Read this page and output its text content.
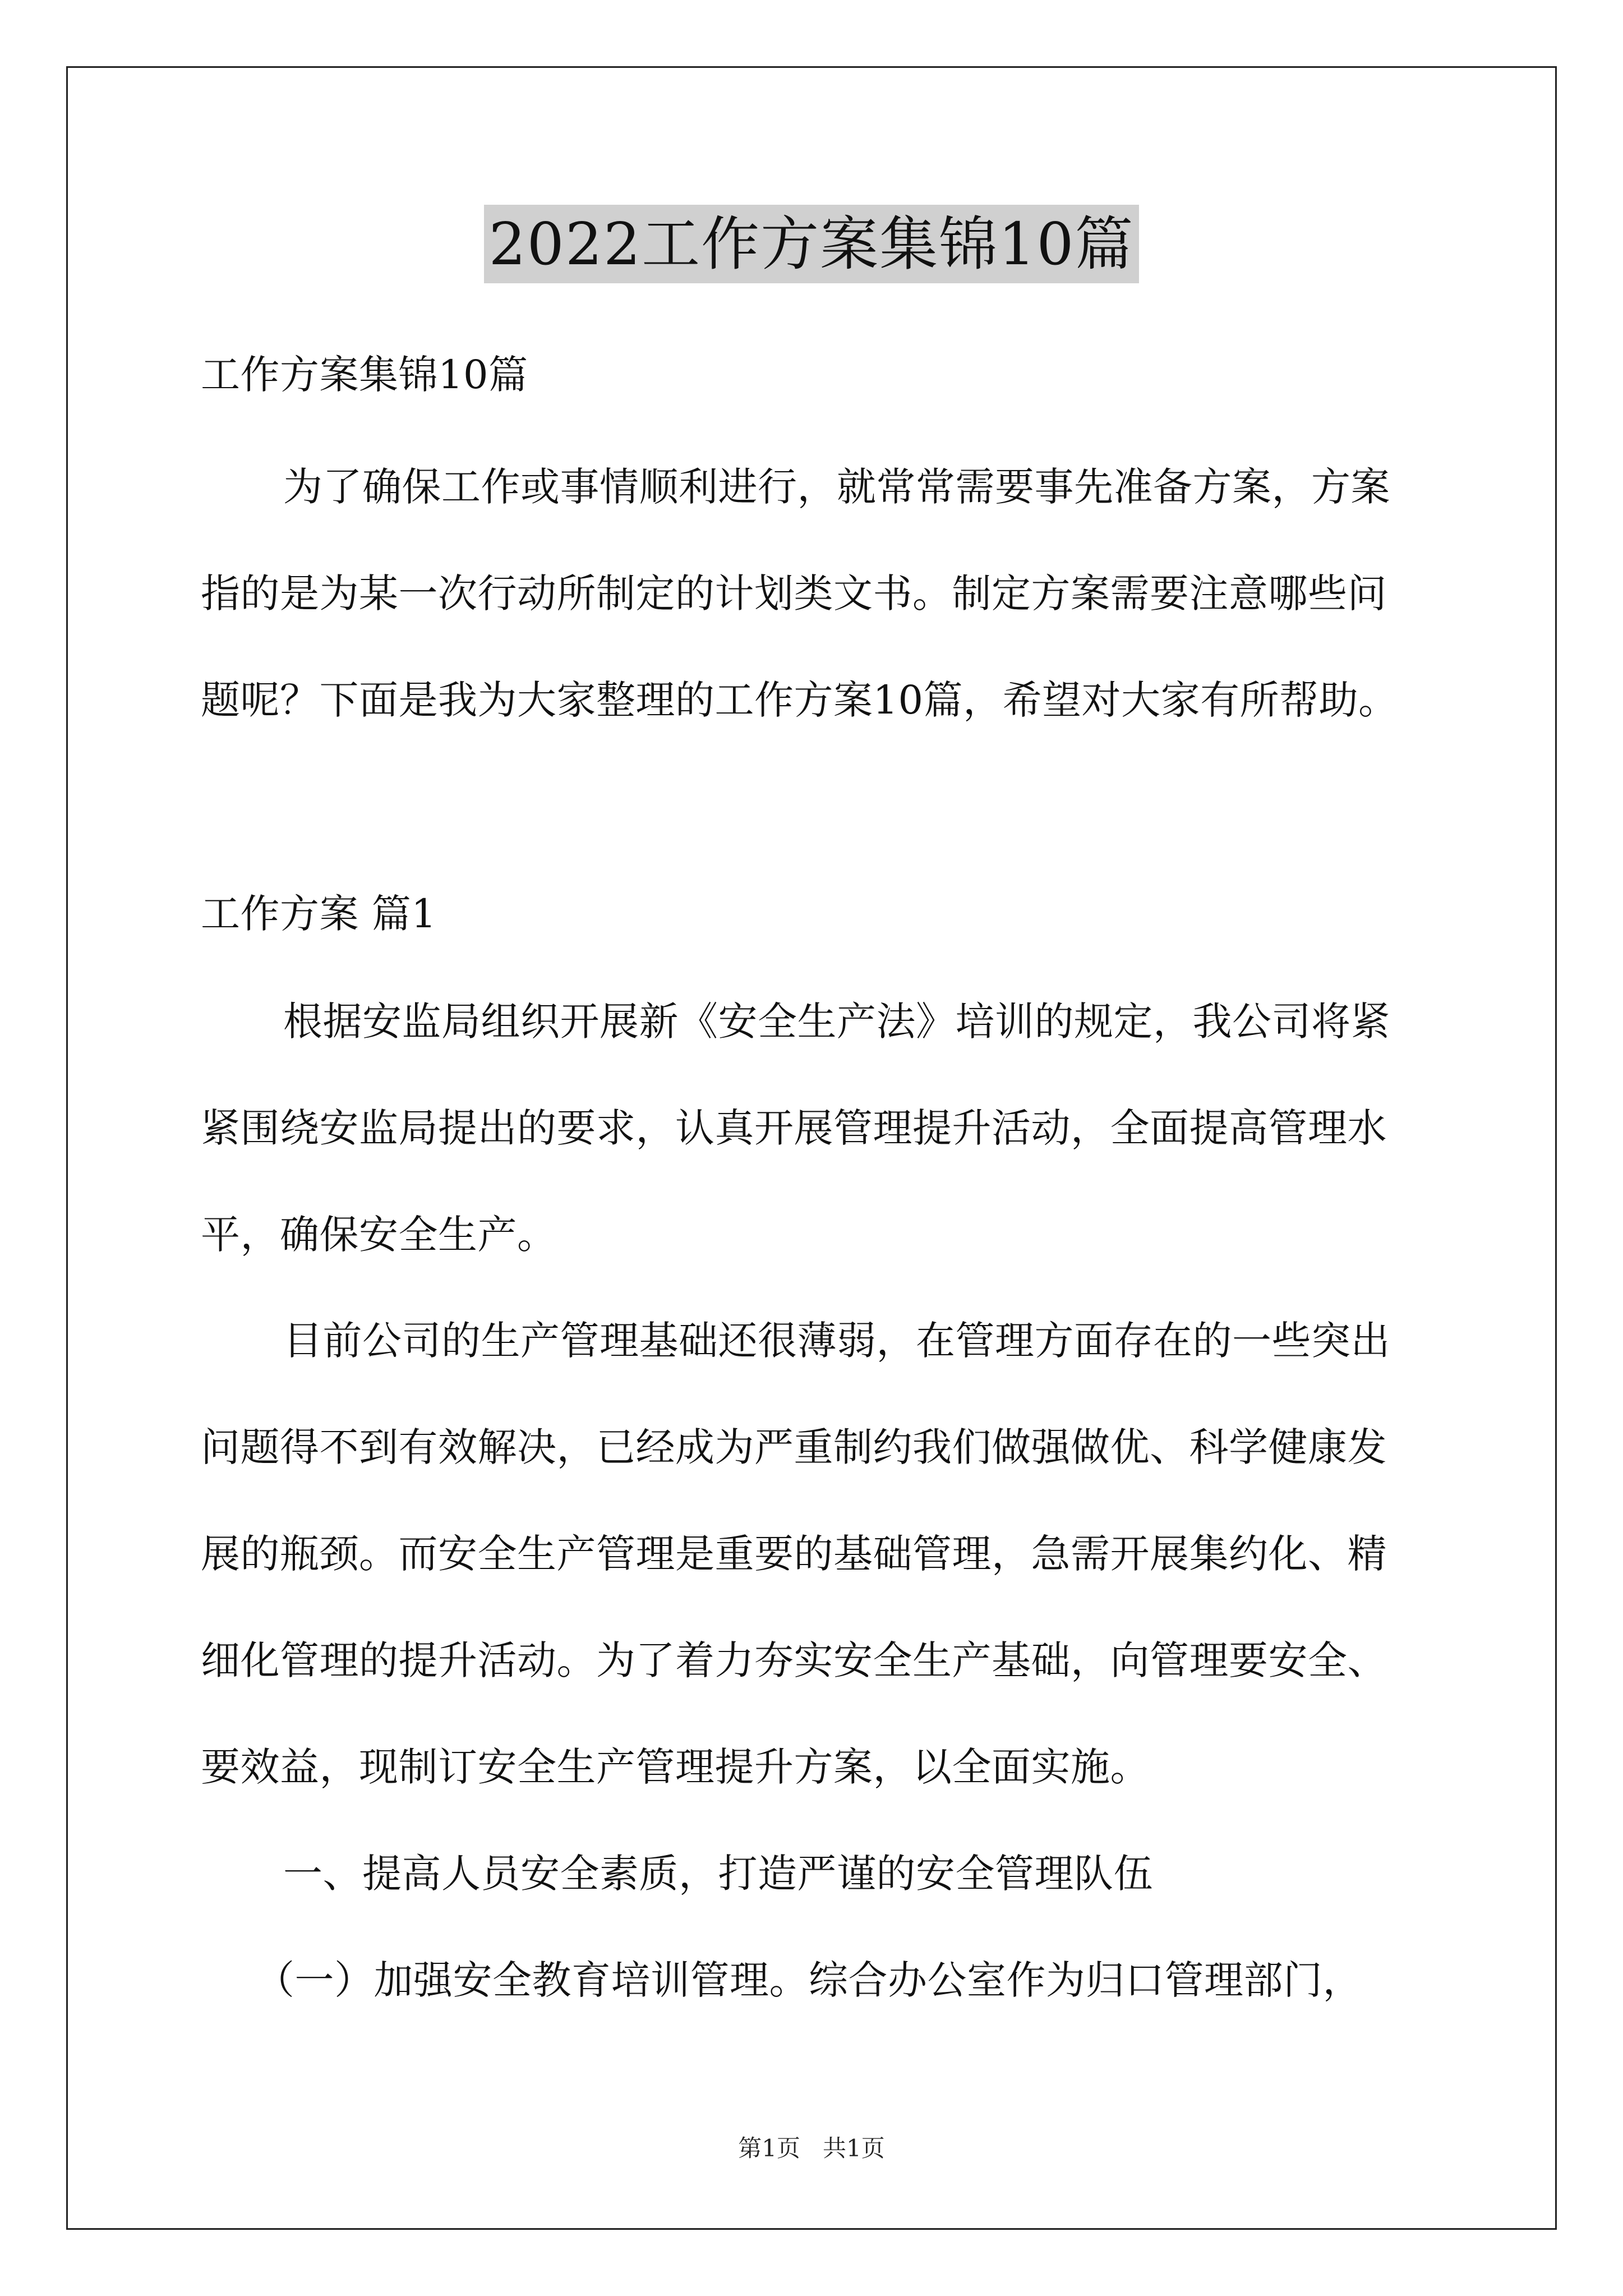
2022工作方案集锦10篇
工作方案集锦10篇
为了确保工作或事情顺利进行，就常常需要事先准备方案，方案
指的是为某一次行动所制定的计划类文书。制定方案需要注意哪些问
题呢？下面是我为大家整理的工作方案10篇，希望对大家有所帮助。
工作方案 篇1
根据安监局组织开展新《安全生产法》培训的规定，我公司将紧
紧围绕安监局提出的要求，认真开展管理提升活动，全面提高管理水
平，确保安全生产。
目前公司的生产管理基础还很薄弱，在管理方面存在的一些突出
问题得不到有效解决，已经成为严重制约我们做强做优、科学健康发
展的瓶颈。而安全生产管理是重要的基础管理，急需开展集约化、精
细化管理的提升活动。为了着力夯实安全生产基础，向管理要安全、
要效益，现制订安全生产管理提升方案，以全面实施。
一、提高人员安全素质，打造严谨的安全管理队伍
（一）加强安全教育培训管理。综合办公室作为归口管理部门，
第1页   共1页
